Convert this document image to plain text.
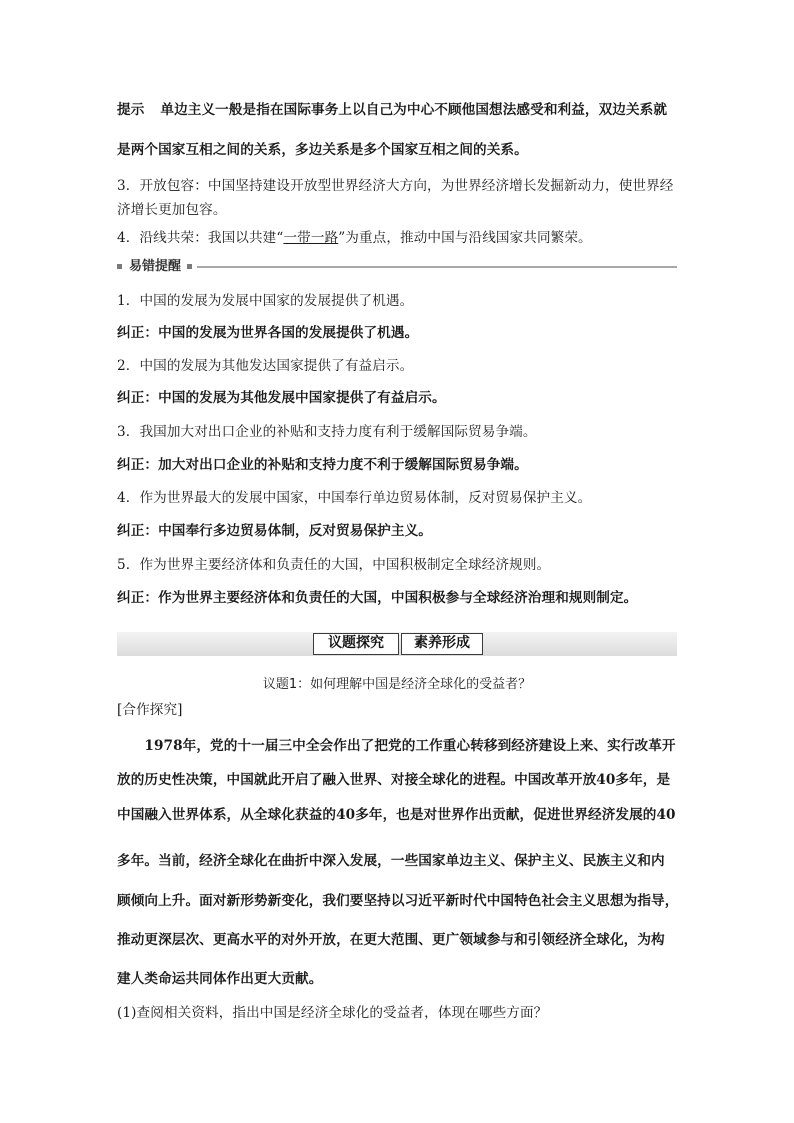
提示 单边主义一般是指在国际事务上以自己为中心不顾他国想法感受和利益，双边关系就
是两个国家互相之间的关系，多边关系是多个国家互相之间的关系。
3．开放包容：中国坚持建设开放型世界经济大方向，为世界经济增长发掘新动力，使世界经
济增长更加包容。
4．沿线共荣：我国以共建“一带一路”为重点，推动中国与沿线国家共同繁荣。
易错提醒
1．中国的发展为发展中国家的发展提供了机遇。
纠正：中国的发展为世界各国的发展提供了机遇。
2．中国的发展为其他发达国家提供了有益启示。
纠正：中国的发展为其他发展中国家提供了有益启示。
3．我国加大对出口企业的补贴和支持力度有利于缓解国际贸易争端。
纠正：加大对出口企业的补贴和支持力度不利于缓解国际贸易争端。
4．作为世界最大的发展中国家，中国奉行单边贸易体制，反对贸易保护主义。
纠正：中国奉行多边贸易体制，反对贸易保护主义。
5．作为世界主要经济体和负责任的大国，中国积极制定全球经济规则。
纠正：作为世界主要经济体和负责任的大国，中国积极参与全球经济治理和规则制定。
议题探究	素养形成
议题1：如何理解中国是经济全球化的受益者？
[合作探究]
　　1978年，党的十一届三中全会作出了把党的工作重心转移到经济建设上来、实行改革开
放的历史性决策，中国就此开启了融入世界、对接全球化的进程。中国改革开放40多年，是
中国融入世界体系，从全球化获益的40多年，也是对世界作出贡献，促进世界经济发展的40
多年。当前，经济全球化在曲折中深入发展，一些国家单边主义、保护主义、民族主义和内
顾倾向上升。面对新形势新变化，我们要坚持以习近平新时代中国特色社会主义思想为指导，
推动更深层次、更高水平的对外开放，在更大范围、更广领域参与和引领经济全球化，为构
建人类命运共同体作出更大贡献。
(1)查阅相关资料，指出中国是经济全球化的受益者，体现在哪些方面？
